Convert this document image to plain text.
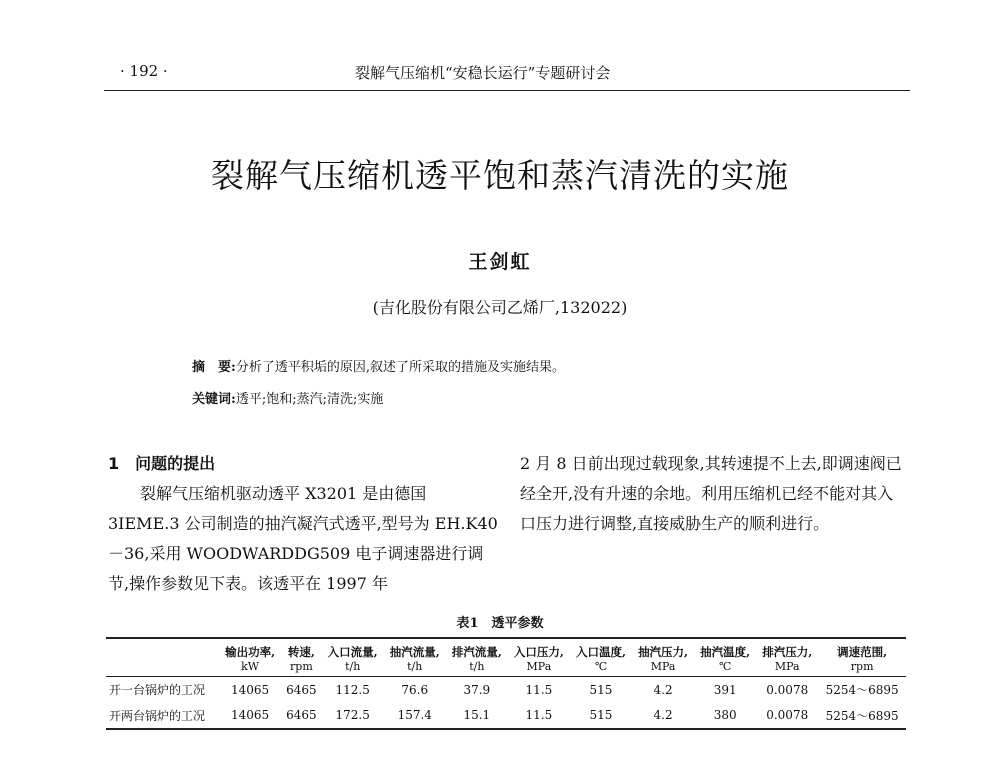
· 192 ·	裂解气压缩机“安稳长运行”专题研讨会
裂解气压缩机透平饱和蒸汽清洗的实施
王剑虹
(吉化股份有限公司乙烯厂,132022)
摘　要:分析了透平积垢的原因,叙述了所采取的措施及实施结果。
关键词:透平;饱和;蒸汽;清洗;实施

1　问题的提出

裂解气压缩机驱动透平 X3201 是由德国 3IEME.3 公司制造的抽汽凝汽式透平,型号为 EH.K40－36,采用 WOODWARDDG509 电子调速器进行调节,操作参数见下表。该透平在 1997 年

2 月 8 日前出现过载现象,其转速提不上去,即调速阀已经全开,没有升速的余地。利用压缩机已经不能对其入口压力进行调整,直接威胁生产的顺利进行。

表1　透平参数
	输出功率,	转速,	入口流量,	抽汽流量,	排汽流量,	入口压力,	入口温度,	抽汽压力,	抽汽温度,	排汽压力,	调速范围,
	kW	rpm	t/h	t/h	t/h	MPa	℃	MPa	℃	MPa	rpm
开一台锅炉的工况	14065	6465	112.5	76.6	37.9	11.5	515	4.2	391	0.0078	5254～6895
开两台锅炉的工况	14065	6465	172.5	157.4	15.1	11.5	515	4.2	380	0.0078	5254～6895
